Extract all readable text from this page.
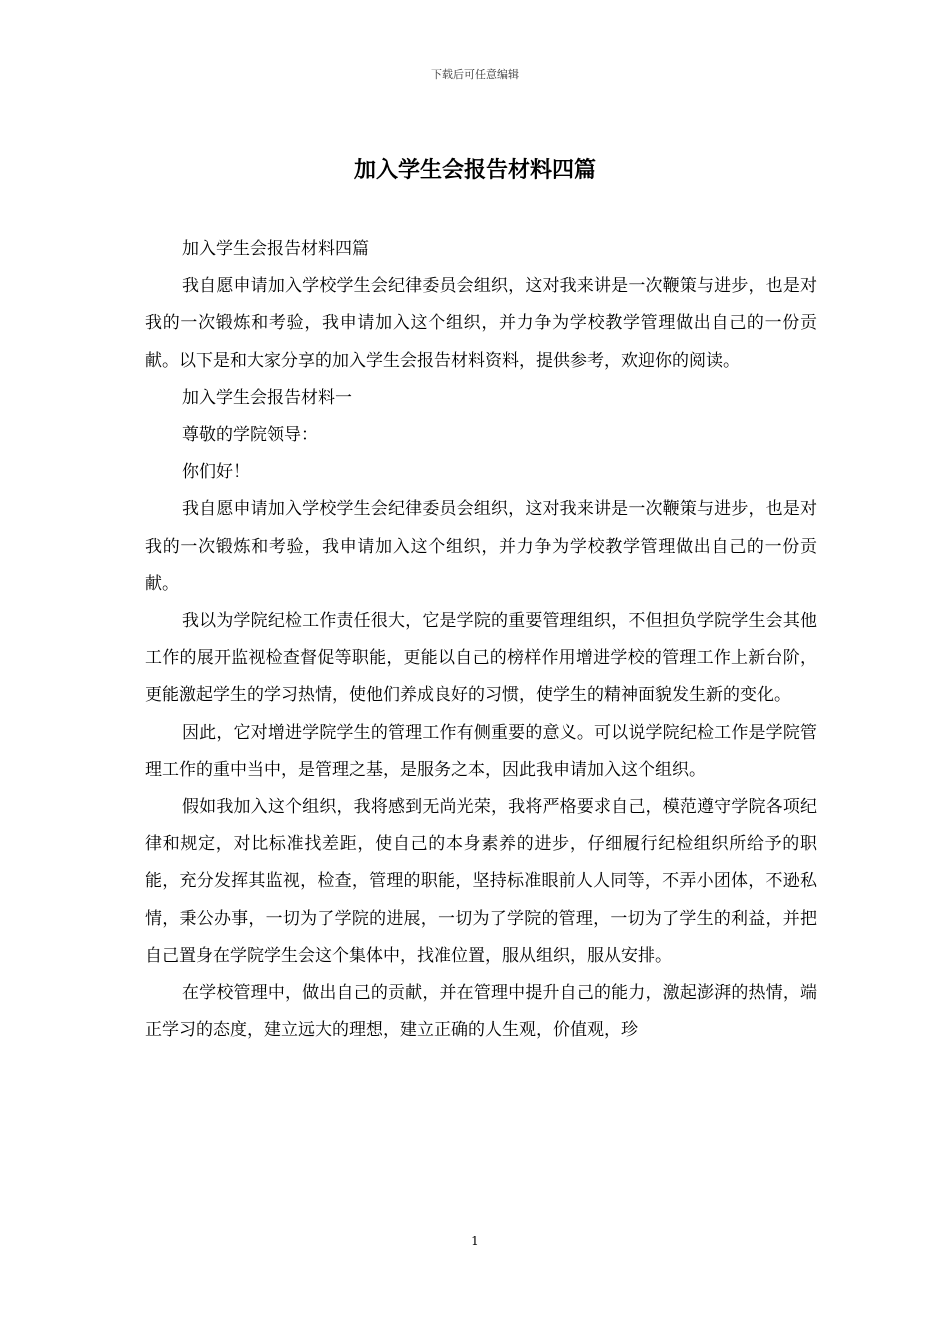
下载后可任意编辑
加入学生会报告材料四篇

加入学生会报告材料四篇

我自愿申请加入学校学生会纪律委员会组织，这对我来讲是一次鞭策与进步，也是对我的一次锻炼和考验，我申请加入这个组织，并力争为学校教学管理做出自己的一份贡献。以下是和大家分享的加入学生会报告材料资料，提供参考，欢迎你的阅读。

加入学生会报告材料一

尊敬的学院领导：

你们好！

我自愿申请加入学校学生会纪律委员会组织，这对我来讲是一次鞭策与进步，也是对我的一次锻炼和考验，我申请加入这个组织，并力争为学校教学管理做出自己的一份贡献。

我以为学院纪检工作责任很大，它是学院的重要管理组织，不但担负学院学生会其他工作的展开监视检查督促等职能，更能以自己的榜样作用增进学校的管理工作上新台阶，更能激起学生的学习热情，使他们养成良好的习惯，使学生的精神面貌发生新的变化。

因此，它对增进学院学生的管理工作有侧重要的意义。可以说学院纪检工作是学院管理工作的重中当中，是管理之基，是服务之本，因此我申请加入这个组织。

假如我加入这个组织，我将感到无尚光荣，我将严格要求自己，模范遵守学院各项纪律和规定，对比标准找差距，使自己的本身素养的进步，仔细履行纪检组织所给予的职能，充分发挥其监视，检查，管理的职能，坚持标准眼前人人同等，不弄小团体，不逊私情，秉公办事，一切为了学院的进展，一切为了学院的管理，一切为了学生的利益，并把自己置身在学院学生会这个集体中，找准位置，服从组织，服从安排。

在学校管理中，做出自己的贡献，并在管理中提升自己的能力，激起澎湃的热情，端正学习的态度，建立远大的理想，建立正确的人生观，价值观，珍

1
